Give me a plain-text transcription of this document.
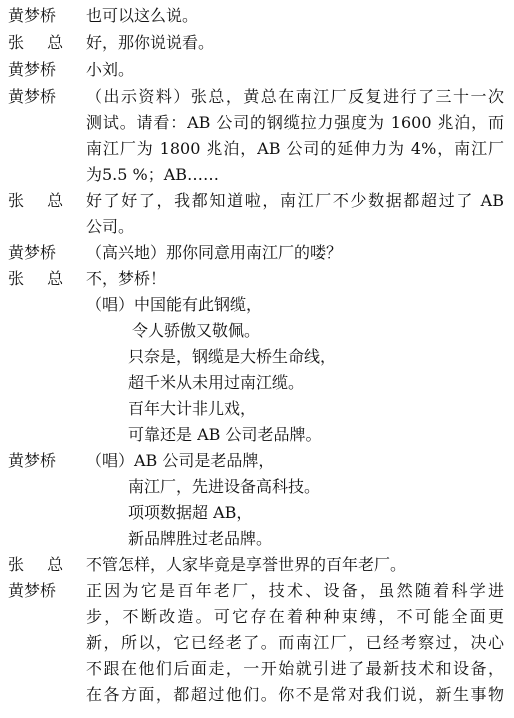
黄梦桥	也可以这么说。
张 总 好，那你说说看。
黄梦桥	小刘。
黄梦桥	（出示资料）张总，黄总在南江厂反复进行了三十一次
测试。请看：AB 公司的钢缆拉力强度为 1600 兆泊，而
南江厂为 1800 兆泊，AB 公司的延伸力为 4%，南江厂
为5.5 %；AB……
张 总 好了好了，我都知道啦，南江厂不少数据都超过了 AB
公司。
黄梦桥	（高兴地）那你同意用南江厂的喽？
张 总 不，梦桥！
（唱）中国能有此钢缆，
令人骄傲又敬佩。
只奈是，钢缆是大桥生命线，
超千米从未用过南江缆。
百年大计非儿戏，
可靠还是 AB 公司老品牌。
黄梦桥	（唱）AB 公司是老品牌，
南江厂，先进设备高科技。
项项数据超 AB，
新品牌胜过老品牌。
张 总 不管怎样，人家毕竟是享誉世界的百年老厂。
黄梦桥	正因为它是百年老厂，技术、设备，虽然随着科学进
步，不断改造。可它存在着种种束缚，不可能全面更
新，所以，它已经老了。而南江厂，已经考察过，决心
不跟在他们后面走，一开始就引进了最新技术和设备，
在各方面，都超过他们。你不是常对我们说，新生事物
